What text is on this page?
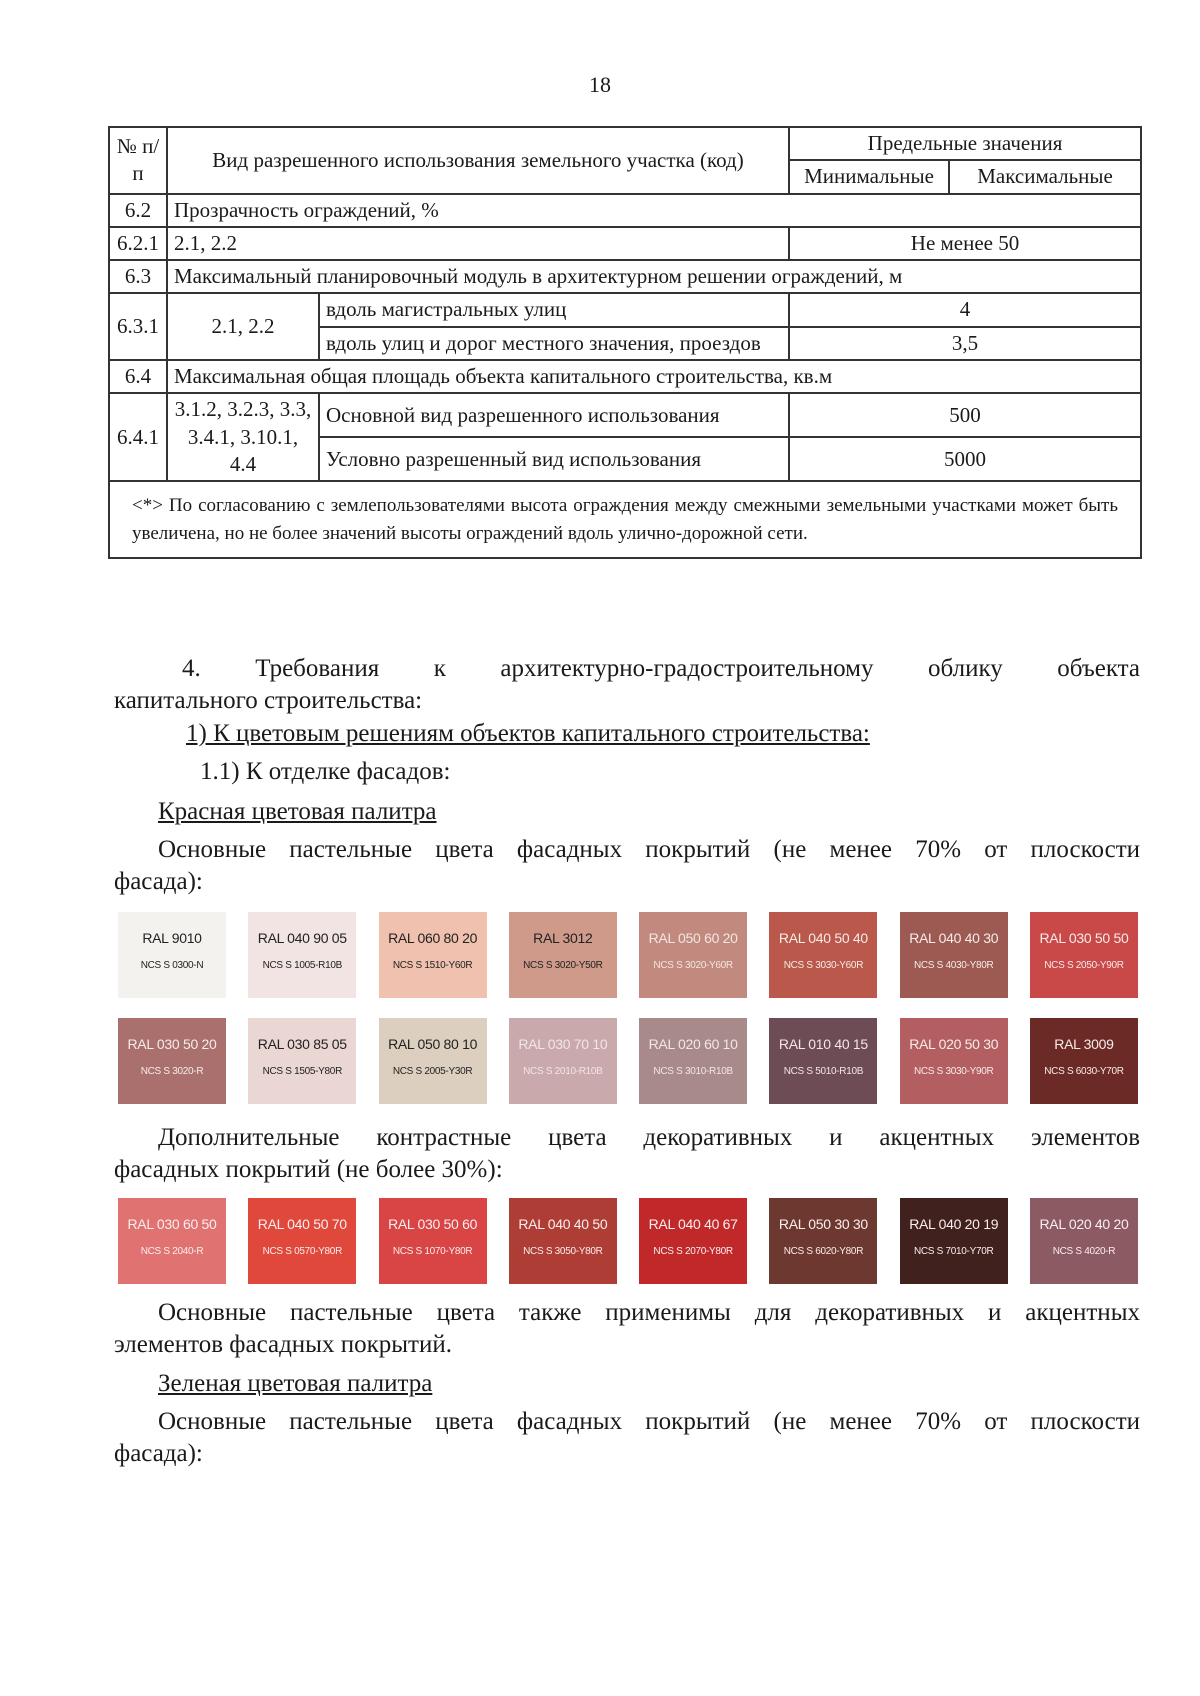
18
№ п/п	Вид разрешенного использования земельного участка (код)		Предельные значения	
			Минимальные	Максимальные
6.2	Прозрачность ограждений, %			
6.2.1	2.1, 2.2		Не менее 50	
6.3	Максимальный планировочный модуль в архитектурном решении ограждений, м			
6.3.1	2.1, 2.2	вдоль магистральных улиц	4	
		вдоль улиц и дорог местного значения, проездов	3,5	
6.4	Максимальная общая площадь объекта капитального строительства, кв.м			
6.4.1	3.1.2, 3.2.3, 3.3, 3.4.1, 3.10.1, 4.4	Основной вид разрешенного использования	500	
		Условно разрешенный вид использования	5000	
<*> По согласованию с землепользователями высота ограждения между смежными земельными участками может быть увеличена, но не более значений высоты ограждений вдоль улично-дорожной сети.				
4. Требования к архитектурно-градостроительному облику объекта
капитального строительства:
1) К цветовым решениям объектов капитального строительства:
1.1) К отделке фасадов:
Красная цветовая палитра
Основные пастельные цвета фасадных покрытий (не менее 70% от плоскости
фасада):
RAL 9010
NCS S 0300-N
RAL 040 90 05
NCS S 1005-R10B
RAL 060 80 20
NCS S 1510-Y60R
RAL 3012
NCS S 3020-Y50R
RAL 050 60 20
NCS S 3020-Y60R
RAL 040 50 40
NCS S 3030-Y60R
RAL 040 40 30
NCS S 4030-Y80R
RAL 030 50 50
NCS S 2050-Y90R
RAL 030 50 20
NCS S 3020-R
RAL 030 85 05
NCS S 1505-Y80R
RAL 050 80 10
NCS S 2005-Y30R
RAL 030 70 10
NCS S 2010-R10B
RAL 020 60 10
NCS S 3010-R10B
RAL 010 40 15
NCS S 5010-R10B
RAL 020 50 30
NCS S 3030-Y90R
RAL 3009
NCS S 6030-Y70R
Дополнительные контрастные цвета декоративных и акцентных элементов
фасадных покрытий (не более 30%):
RAL 030 60 50
NCS S 2040-R
RAL 040 50 70
NCS S 0570-Y80R
RAL 030 50 60
NCS S 1070-Y80R
RAL 040 40 50
NCS S 3050-Y80R
RAL 040 40 67
NCS S 2070-Y80R
RAL 050 30 30
NCS S 6020-Y80R
RAL 040 20 19
NCS S 7010-Y70R
RAL 020 40 20
NCS S 4020-R
Основные пастельные цвета также применимы для декоративных и акцентных
элементов фасадных покрытий.
Зеленая цветовая палитра
Основные пастельные цвета фасадных покрытий (не менее 70% от плоскости
фасада):
